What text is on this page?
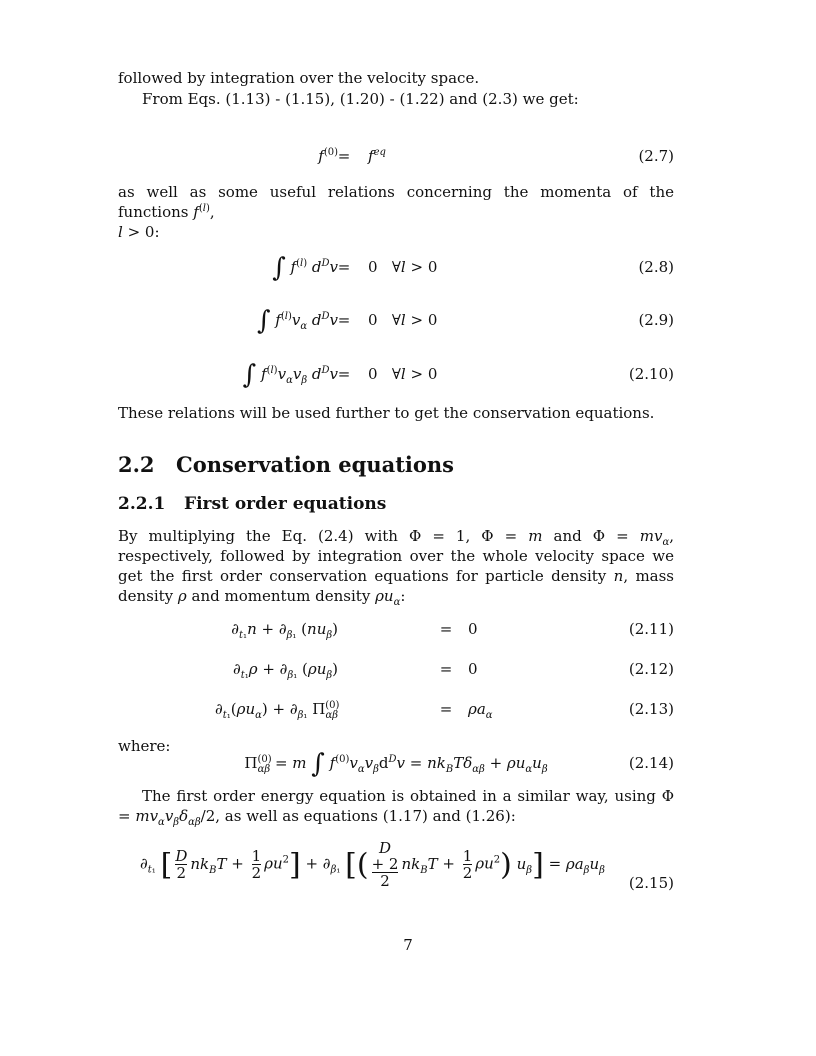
followed by integration over the velocity space.
From Eqs. (1.13) - (1.15), (1.20) - (1.22) and (2.3) we get:
$f^{(0)} = f^{eq}$	(2.7)
as well as some useful relations concerning the momenta of the functions $f^{(l)}$,
l > 0:
∫ $f^{(l)}$ $d^Dv = 0$   ∀l > 0	(2.8)
∫ $f^{(l)}v_\alpha$ $d^Dv = 0$   ∀l > 0	(2.9)
∫ $f^{(l)}v_\alpha v_\beta$ $d^Dv = 0$   ∀l > 0	(2.10)
These relations will be used further to get the conservation equations.
2.2 Conservation equations
2.2.1 First order equations
By multiplying the Eq. (2.4) with Φ = 1, Φ = m and $\Phi = mv_\alpha$, respectively, followed by integration over the whole velocity space we get the first order conservation equations for particle density n, mass density ρ and momentum density $\rho u_\alpha$:
$\partial_{t_1}n + \partial_{\beta_1}$ $(nu_\beta)$	= 0	(2.11)
$\partial_{t_1}\rho + \partial_{\beta_1}$ $(\rho u_\beta)$	= 0	(2.12)
$\partial_{t_1}(\rho u_\alpha) + \partial_{\beta_1}$ $\Pi^{(0)}_{\alpha\beta}$	= $\rho a_\alpha$	(2.13)
where:
$\Pi^{(0)}_{\alpha\beta} = m$ ∫ $f^{(0)}v_\alpha v_\beta d^Dv = nk_BT\delta_{\alpha\beta} + \rho u_\alpha u_\beta$	(2.14)
The first order energy equation is obtained in a similar way, using $\Phi = mv_\alpha v_\beta\delta_{\alpha\beta}/2$, as well as equations (1.17) and (1.26):
$\partial_{t_1}$ [ $\frac{D}{2} nk_BT + \frac{1}{2} \rho u^2] + \partial_{\beta_1}$ [( D
+ 2
2 $nk_BT + \frac{1}{2} \rho u^2$) $u_\beta] = \rho a_\beta u_\beta$
(2.15)
7
